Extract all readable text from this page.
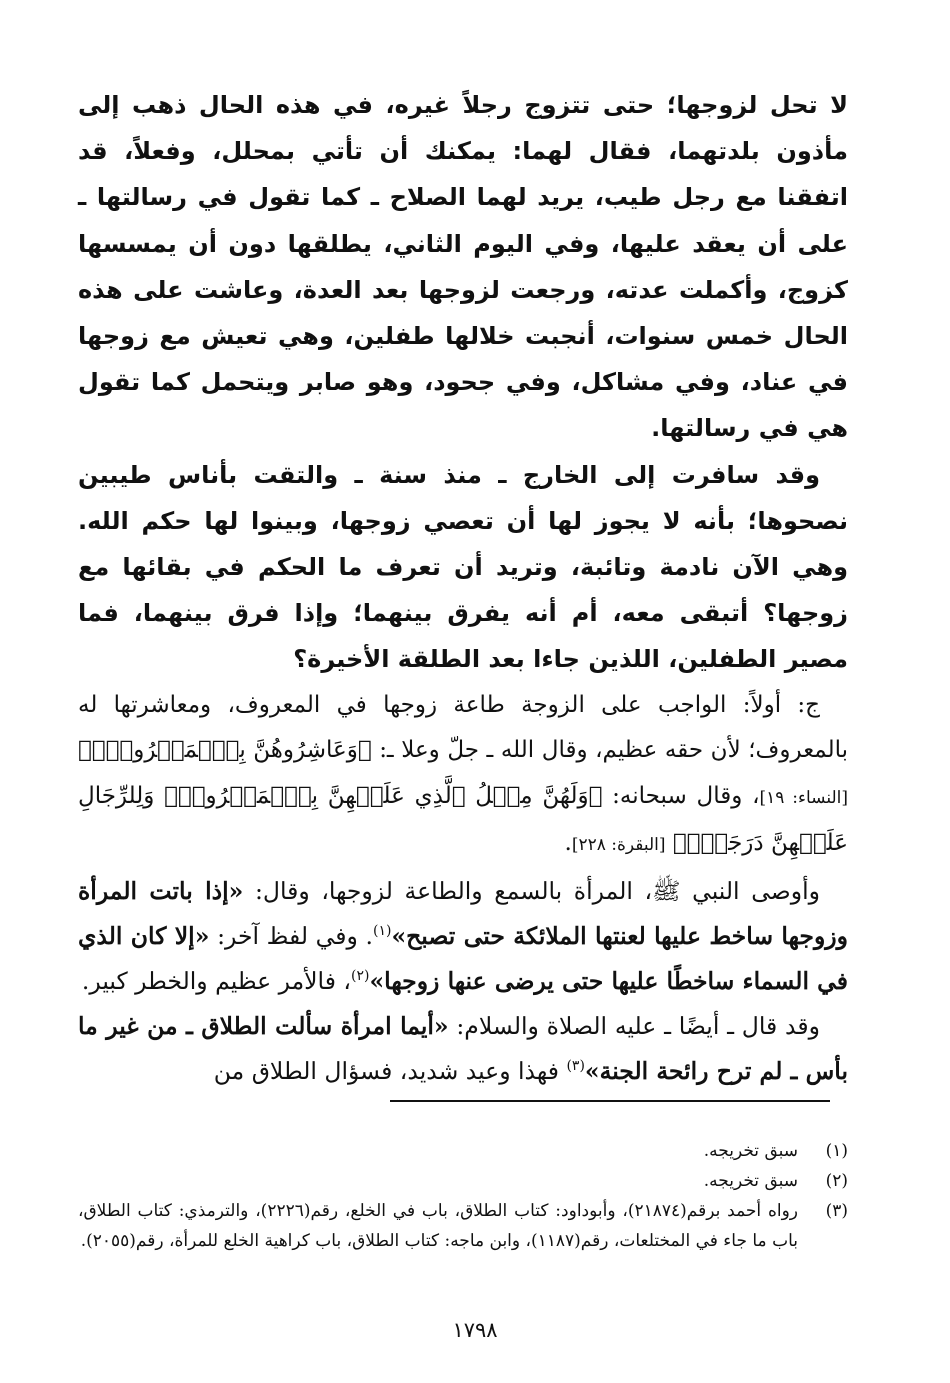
لا تحل لزوجها؛ حتى تتزوج رجلاً غيره، في هذه الحال ذهب إلى مأذون بلدتهما، فقال لهما: يمكنك أن تأتي بمحلل، وفعلاً، قد اتفقنا مع رجل طيب، يريد لهما الصلاح ـ كما تقول في رسالتها ـ على أن يعقد عليها، وفي اليوم الثاني، يطلقها دون أن يمسسها كزوج، وأكملت عدته، ورجعت لزوجها بعد العدة، وعاشت على هذه الحال خمس سنوات، أنجبت خلالها طفلين، وهي تعيش مع زوجها في عناد، وفي مشاكل، وفي جحود، وهو صابر ويتحمل كما تقول هي في رسالتها.

وقد سافرت إلى الخارج ـ منذ سنة ـ والتقت بأناس طيبين نصحوها؛ بأنه لا يجوز لها أن تعصي زوجها، وبينوا لها حكم الله. وهي الآن نادمة وتائبة، وتريد أن تعرف ما الحكم في بقائها مع زوجها؟ أتبقى معه، أم أنه يفرق بينهما؛ وإذا فرق بينهما، فما مصير الطفلين، اللذين جاءا بعد الطلقة الأخيرة؟

ج: أولاً: الواجب على الزوجة طاعة زوجها في المعروف، ومعاشرتها له بالمعروف؛ لأن حقه عظيم، وقال الله ـ جلّ وعلا ـ: ﴿وَعَاشِرُوهُنَّ بِٱلۡمَعۡرُوفِۚ﴾ [النساء: ١٩]، وقال سبحانه: ﴿وَلَهُنَّ مِثۡلُ ٱلَّذِي عَلَيۡهِنَّ بِٱلۡمَعۡرُوفِۚ وَلِلرِّجَالِ عَلَيۡهِنَّ دَرَجَةٞۗ﴾ [البقرة: ٢٢٨].

وأوصى النبي ﷺ، المرأة بالسمع والطاعة لزوجها، وقال: «إذا باتت المرأة وزوجها ساخط عليها لعنتها الملائكة حتى تصبح»$^{(١)}$. وفي لفظ آخر: «إلا كان الذي في السماء ساخطًا عليها حتى يرضى عنها زوجها»$^{(٢)}$، فالأمر عظيم والخطر كبير.

وقد قال ـ أيضًا ـ عليه الصلاة والسلام: «أيما امرأة سألت الطلاق ـ من غير ما بأس ـ لم ترح رائحة الجنة»$^{(٣)}$ فهذا وعيد شديد، فسؤال الطلاق من

(١)
سبق تخريجه.
(٢)
سبق تخريجه.
(٣)
رواه أحمد برقم(٢١٨٧٤)، وأبوداود: كتاب الطلاق، باب في الخلع، رقم(٢٢٢٦)، والترمذي: كتاب الطلاق، باب ما جاء في المختلعات، رقم(١١٨٧)، وابن ماجه: كتاب الطلاق، باب كراهية الخلع للمرأة، رقم(٢٠٥٥).
١٧٩٨
